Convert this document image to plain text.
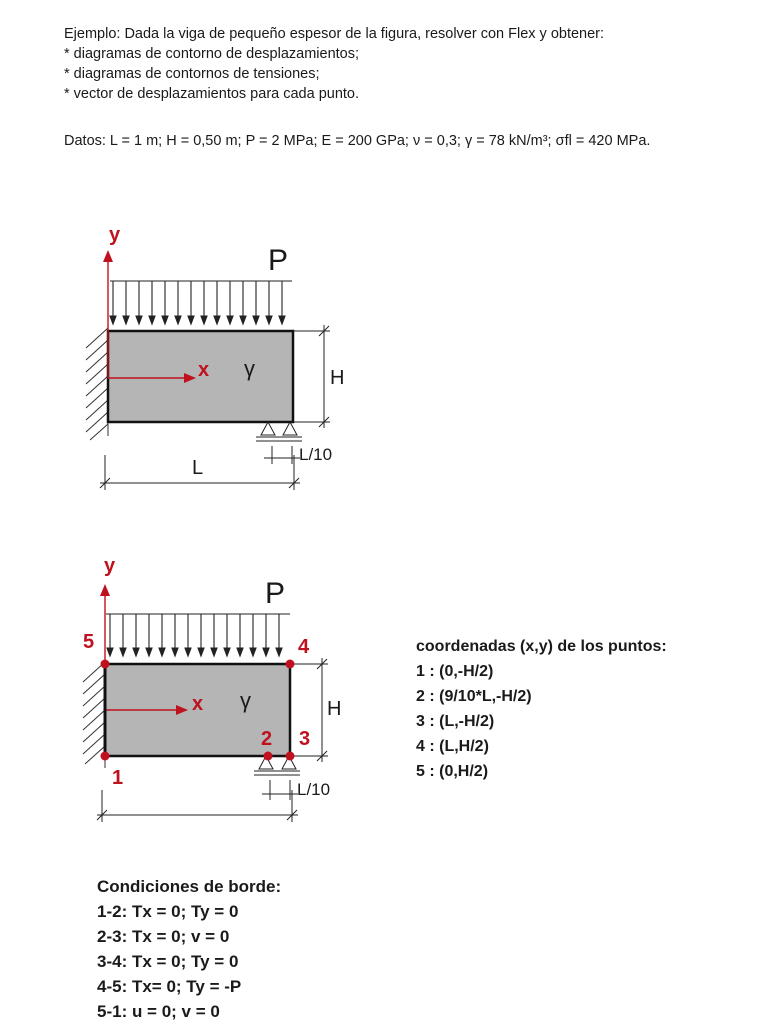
Ejemplo: Dada la viga de pequeño espesor de la figura, resolver con Flex y obtener:
* diagramas de contorno de desplazamientos;
* diagramas de contornos de tensiones;
* vector de desplazamientos para cada punto.
Datos: L = 1 m; H = 0,50 m; P = 2 MPa; E = 200 GPa; ν = 0,3; γ = 78 kN/m³; σfl = 420 MPa.
P
γ
y
x	H
L/10
L
P
γ
y
x	H
L/10
1
2 3
4
5	coordenadas (x,y) de los puntos:
1 : (0,-H/2)
2 : (9/10*L,-H/2)
3 : (L,-H/2)
4 : (L,H/2)
5 : (0,H/2)
Condiciones de borde:
1-2: Tx = 0; Ty = 0
2-3: Tx = 0; v = 0
3-4: Tx = 0; Ty = 0
4-5: Tx= 0; Ty = -P
5-1: u = 0; v = 0
